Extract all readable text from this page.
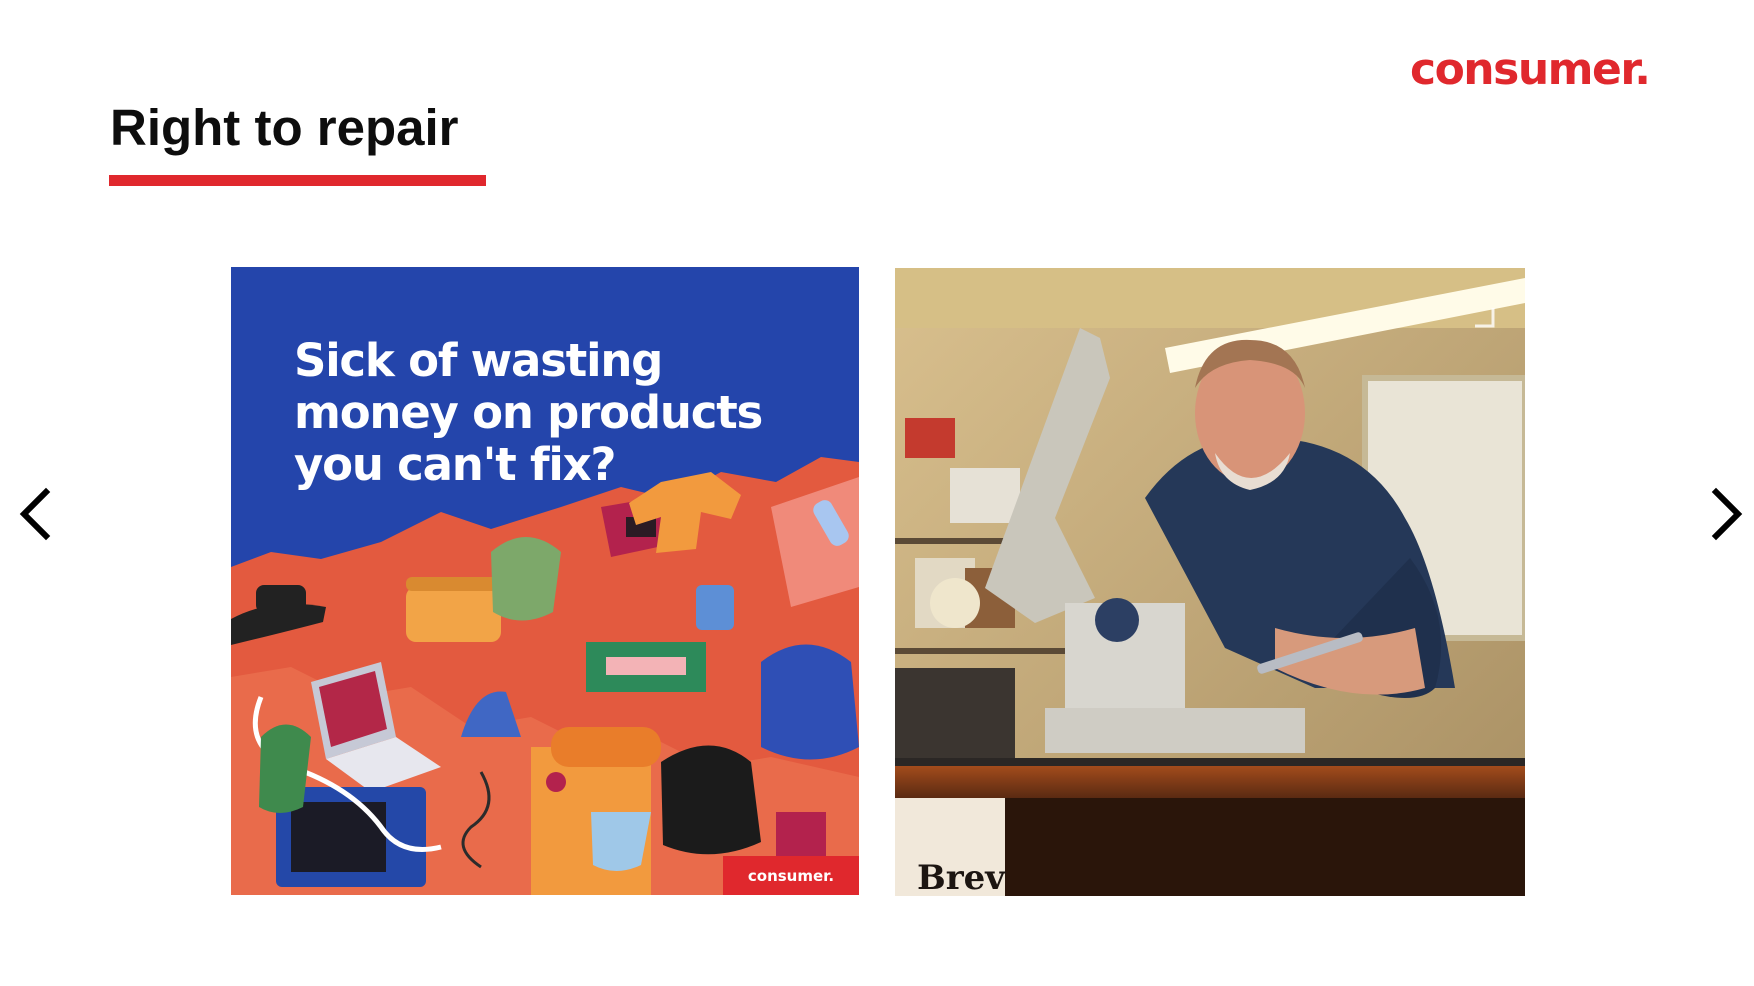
consumer.
Right to repair
Sick of wasting money on products you can't fix?
consumer.	Brev
